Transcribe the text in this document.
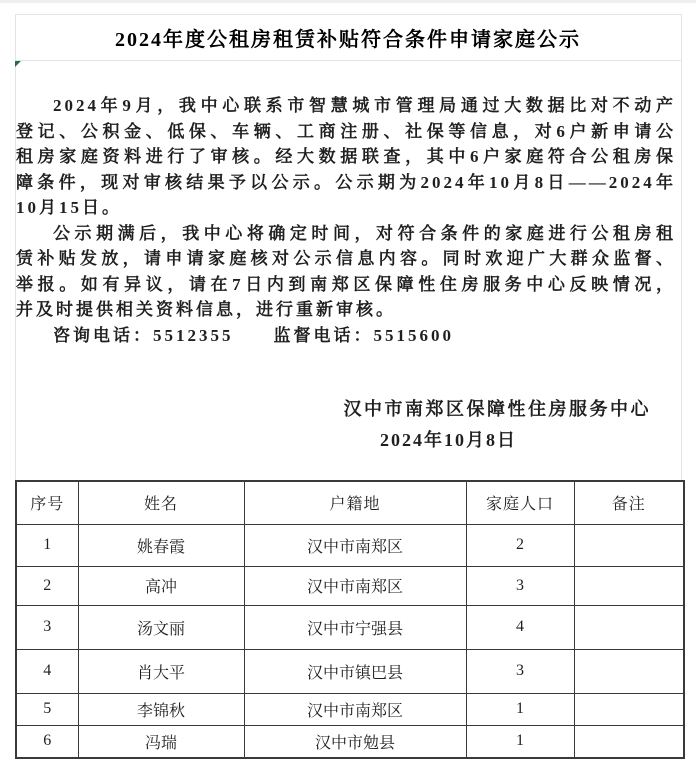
2024年度公租房租赁补贴符合条件申请家庭公示
2024年9月，我中心联系市智慧城市管理局通过大数据比对不动产
登记、公积金、低保、车辆、工商注册、社保等信息，对6户新申请公
租房家庭资料进行了审核。经大数据联查，其中6户家庭符合公租房保
障条件，现对审核结果予以公示。公示期为2024年10月8日——2024年
10月15日。
公示期满后，我中心将确定时间，对符合条件的家庭进行公租房租
赁补贴发放，请申请家庭核对公示信息内容。同时欢迎广大群众监督、
举报。如有异议，请在7日内到南郑区保障性住房服务中心反映情况，
并及时提供相关资料信息，进行重新审核。
咨询电话：5512355　　监督电话：5515600
汉中市南郑区保障性住房服务中心
2024年10月8日
序号	姓名	户籍地	家庭人口	备注
1	姚春霞	汉中市南郑区	2	
2	高冲	汉中市南郑区	3	
3	汤文丽	汉中市宁强县	4	
4	肖大平	汉中市镇巴县	3	
5	李锦秋	汉中市南郑区	1	
6	冯瑞	汉中市勉县	1	
